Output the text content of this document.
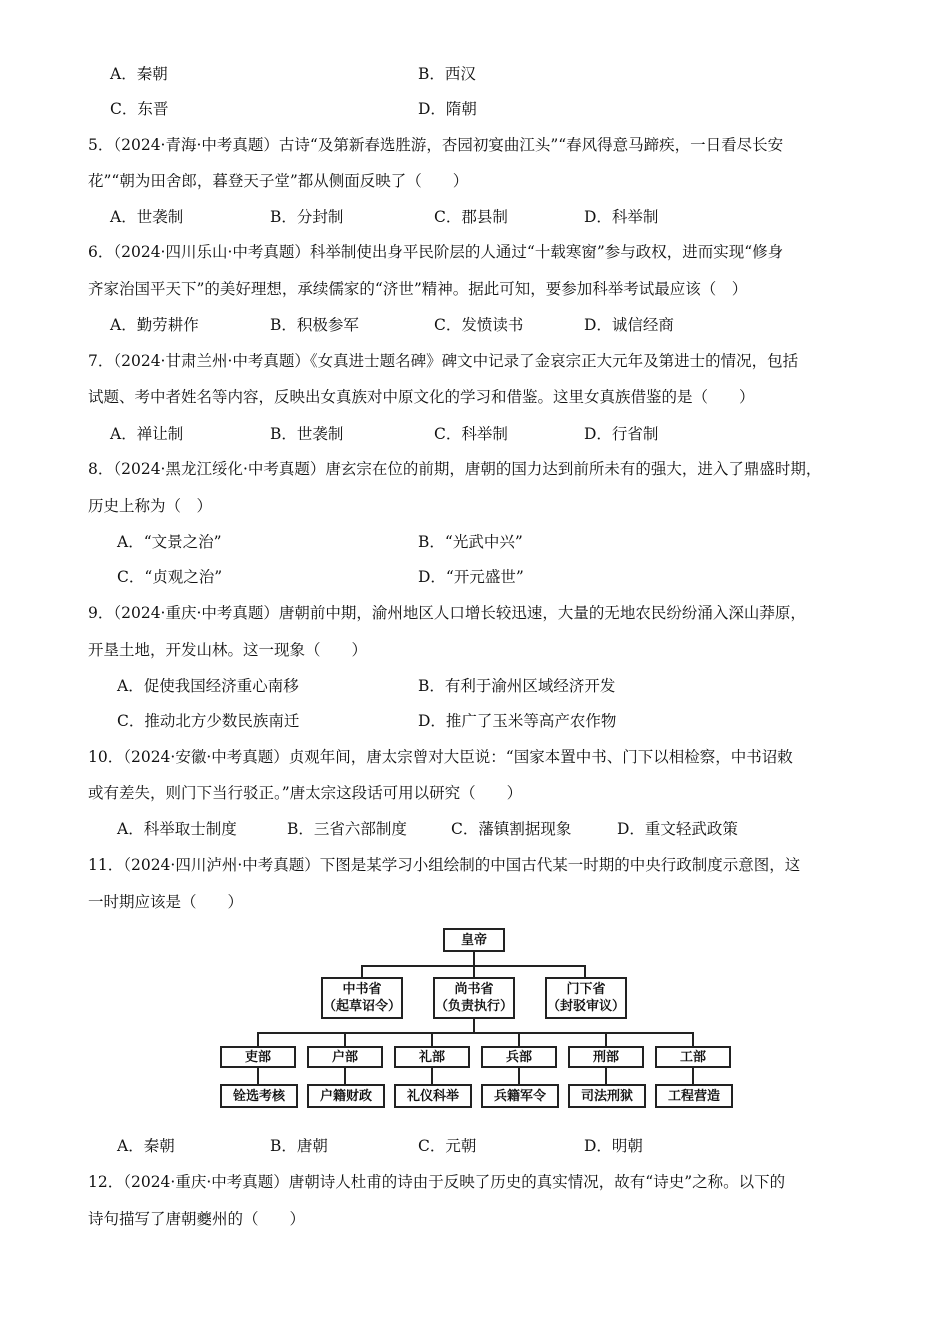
A．秦朝	B．西汉
C．东晋	D．隋朝
5．（2024·青海·中考真题）古诗“及第新春选胜游，杏园初宴曲江头”“春风得意马蹄疾，一日看尽长安
花”“朝为田舍郎，暮登天子堂”都从侧面反映了（　　）
A．世袭制	B．分封制	C．郡县制	D．科举制
6．（2024·四川乐山·中考真题）科举制使出身平民阶层的人通过“十载寒窗”参与政权，进而实现“修身
齐家治国平天下”的美好理想，承续儒家的“济世”精神。据此可知，要参加科举考试最应该（　）
A．勤劳耕作	B．积极参军	C．发愤读书	D．诚信经商
7．（2024·甘肃兰州·中考真题）《女真进士题名碑》碑文中记录了金哀宗正大元年及第进士的情况，包括
试题、考中者姓名等内容，反映出女真族对中原文化的学习和借鉴。这里女真族借鉴的是（　　）
A．禅让制	B．世袭制	C．科举制	D．行省制
8．（2024·黑龙江绥化·中考真题）唐玄宗在位的前期，唐朝的国力达到前所未有的强大，进入了鼎盛时期，
历史上称为（　）
A．“文景之治”	B．“光武中兴”
C．“贞观之治”	D．“开元盛世”
9．（2024·重庆·中考真题）唐朝前中期，渝州地区人口增长较迅速，大量的无地农民纷纷涌入深山莽原，
开垦土地，开发山林。这一现象（　　）
A．促使我国经济重心南移	B．有利于渝州区域经济开发
C．推动北方少数民族南迁	D．推广了玉米等高产农作物
10．（2024·安徽·中考真题）贞观年间，唐太宗曾对大臣说：“国家本置中书、门下以相检察，中书诏敕
或有差失，则门下当行驳正。”唐太宗这段话可用以研究（　　）
A．科举取士制度	B．三省六部制度	C．藩镇割据现象	D．重文轻武政策
11．（2024·四川泸州·中考真题）下图是某学习小组绘制的中国古代某一时期的中央行政制度示意图，这
一时期应该是（　　）
皇帝
中书省
（起草诏令）
尚书省
（负责执行）
门下省
（封驳审议）
吏部	户部	礼部	兵部	刑部	工部
铨选考核	户籍财政	礼仪科举	兵籍军令	司法刑狱	工程营造
A．秦朝	B．唐朝	C．元朝	D．明朝
12．（2024·重庆·中考真题）唐朝诗人杜甫的诗由于反映了历史的真实情况，故有“诗史”之称。以下的
诗句描写了唐朝夔州的（　　）
